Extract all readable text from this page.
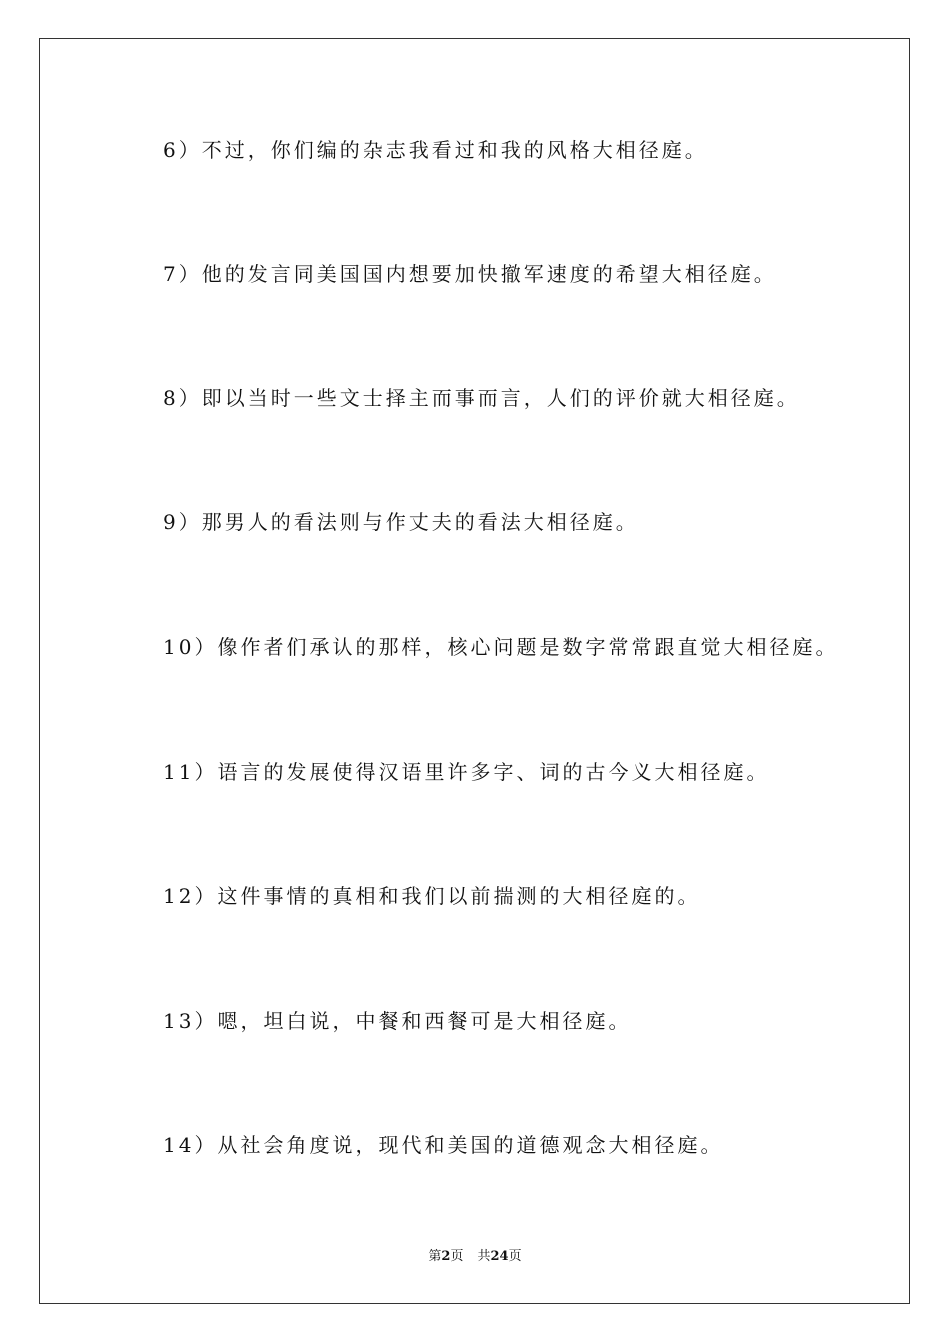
6）不过，你们编的杂志我看过和我的风格大相径庭。
7）他的发言同美国国内想要加快撤军速度的希望大相径庭。
8）即以当时一些文士择主而事而言，人们的评价就大相径庭。
9）那男人的看法则与作丈夫的看法大相径庭。
10）像作者们承认的那样，核心问题是数字常常跟直觉大相径庭。
11）语言的发展使得汉语里许多字、词的古今义大相径庭。
12）这件事情的真相和我们以前揣测的大相径庭的。
13）嗯，坦白说，中餐和西餐可是大相径庭。
14）从社会角度说，现代和美国的道德观念大相径庭。
第2页 共24页
